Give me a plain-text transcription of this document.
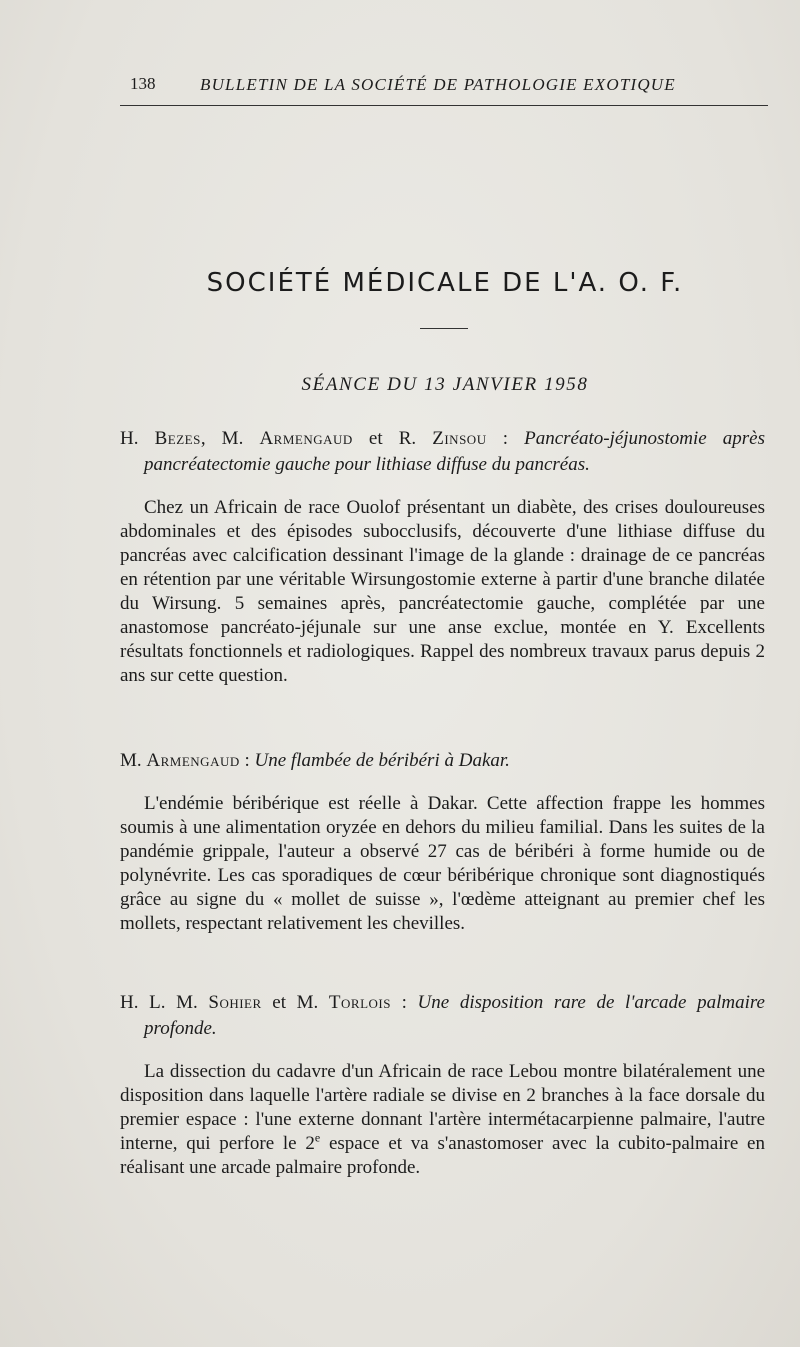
138	BULLETIN DE LA SOCIÉTÉ DE PATHOLOGIE EXOTIQUE
SOCIÉTÉ MÉDICALE DE L'A. O. F.
SÉANCE DU 13 JANVIER 1958

H. Bezes, M. Armengaud et R. Zinsou : Pancréato-jéjunostomie après pancréatectomie gauche pour lithiase diffuse du pancréas.

Chez un Africain de race Ouolof présentant un diabète, des crises douloureuses abdominales et des épisodes subocclusifs, découverte d'une lithiase diffuse du pancréas avec calcification dessinant l'image de la glande : drainage de ce pancréas en rétention par une véritable Wirsungostomie externe à partir d'une branche dilatée du Wirsung. 5 semaines après, pancréatectomie gauche, complétée par une anastomose pancréato-jéjunale sur une anse exclue, montée en Y. Excellents résultats fonctionnels et radiologiques. Rappel des nombreux travaux parus depuis 2 ans sur cette question.

M. Armengaud : Une flambée de béribéri à Dakar.

L'endémie béribérique est réelle à Dakar. Cette affection frappe les hommes soumis à une alimentation oryzée en dehors du milieu familial. Dans les suites de la pandémie grippale, l'auteur a observé 27 cas de béribéri à forme humide ou de polynévrite. Les cas sporadiques de cœur béribérique chronique sont diagnostiqués grâce au signe du « mollet de suisse », l'œdème atteignant au premier chef les mollets, respectant relativement les chevilles.

H. L. M. Sohier et M. Torlois : Une disposition rare de l'arcade palmaire profonde.

La dissection du cadavre d'un Africain de race Lebou montre bilatéralement une disposition dans laquelle l'artère radiale se divise en 2 branches à la face dorsale du premier espace : l'une externe donnant l'artère intermétacarpienne palmaire, l'autre interne, qui perfore le 2e espace et va s'anastomoser avec la cubito-palmaire en réalisant une arcade palmaire profonde.
